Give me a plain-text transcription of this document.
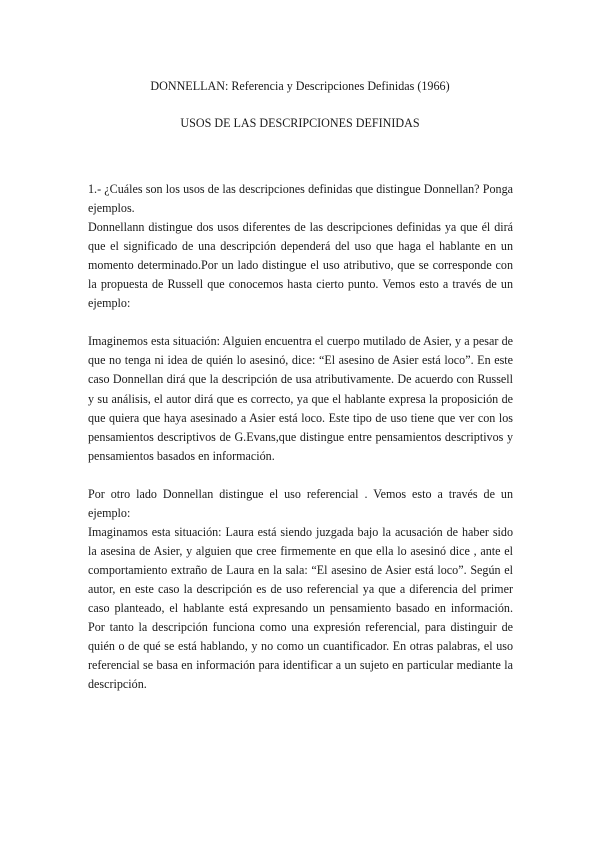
DONNELLAN: Referencia y Descripciones Definidas (1966)
USOS DE LAS DESCRIPCIONES DEFINIDAS

1.- ¿Cuáles son los usos de las descripciones definidas que distingue Donnellan? Ponga ejemplos.

Donnellann distingue dos usos diferentes de las descripciones definidas ya que él dirá que el significado de una descripción dependerá del uso que haga el hablante en un momento determinado.Por un lado distingue el uso atributivo, que se corresponde con la propuesta de Russell que conocemos hasta cierto punto. Vemos esto a través de un ejemplo:

Imaginemos esta situación: Alguien encuentra el cuerpo mutilado de Asier, y a pesar de que no tenga ni idea de quién lo asesinó, dice: “El asesino de Asier está loco”. En este caso Donnellan dirá que la descripción de usa atributivamente. De acuerdo con Russell y su análisis, el autor dirá que es correcto, ya que el hablante expresa la proposición de que quiera que haya asesinado a Asier está loco. Este tipo de uso tiene que ver con los pensamientos descriptivos de G.Evans,que distingue entre pensamientos descriptivos y pensamientos basados en información.

Por otro lado Donnellan distingue el uso referencial . Vemos esto a través de un ejemplo:

Imaginamos esta situación: Laura está siendo juzgada bajo la acusación de haber sido la asesina de Asier, y alguien que cree firmemente en que ella lo asesinó dice , ante el comportamiento extraño de Laura en la sala: “El asesino de Asier está loco”. Según el autor, en este caso la descripción es de uso referencial ya que a diferencia del primer caso planteado, el hablante está expresando un pensamiento basado en información. Por tanto la descripción funciona como una expresión referencial, para distinguir de quién o de qué se está hablando, y no como un cuantificador. En otras palabras, el uso referencial se basa en información para identificar a un sujeto en particular mediante la descripción.
